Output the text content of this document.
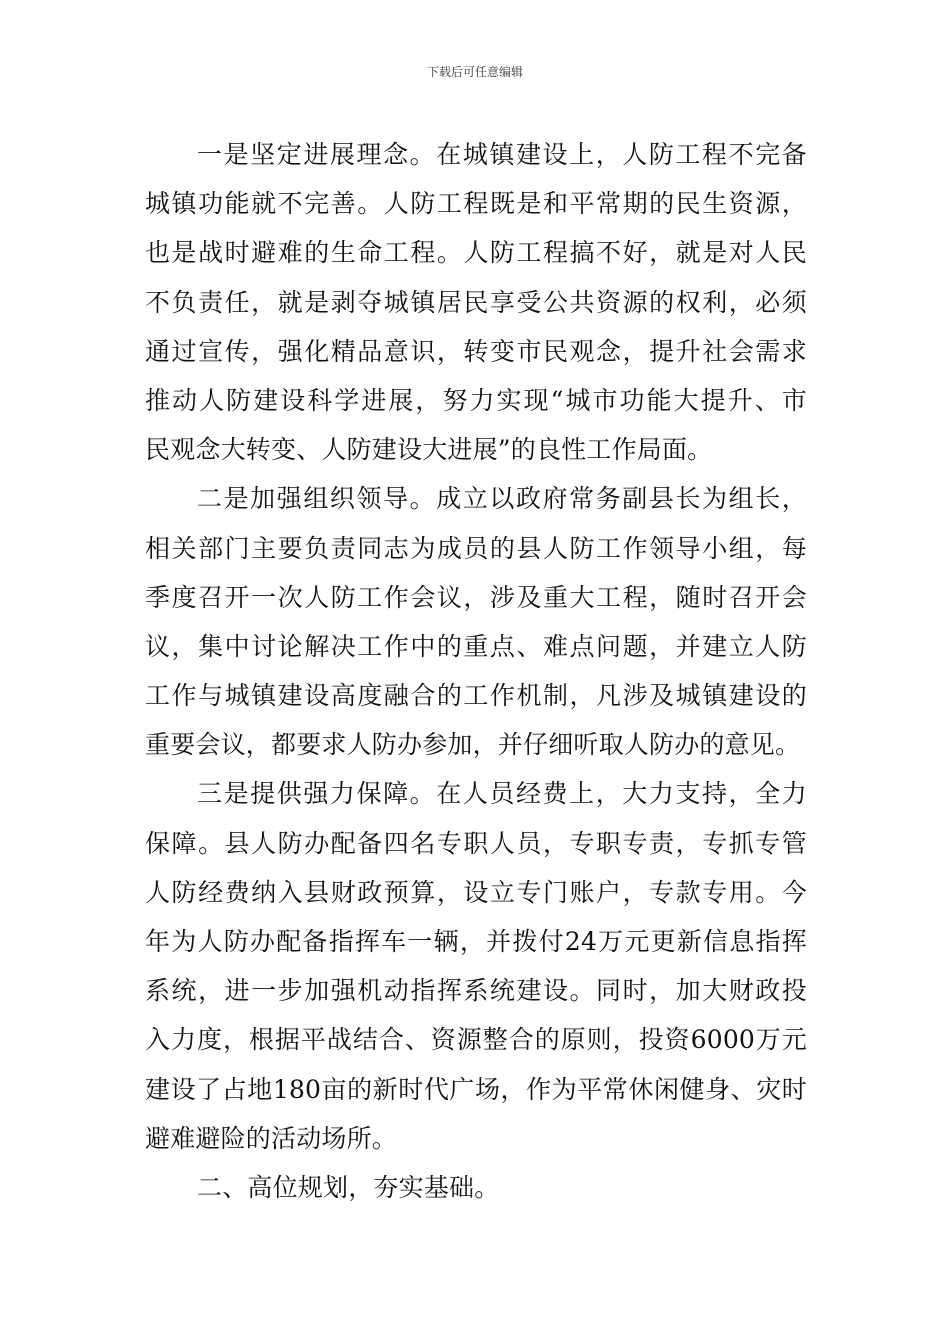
下载后可任意编辑
一是坚定进展理念。在城镇建设上，人防工程不完备
城镇功能就不完善。人防工程既是和平常期的民生资源，
也是战时避难的生命工程。人防工程搞不好，就是对人民
不负责任，就是剥夺城镇居民享受公共资源的权利，必须
通过宣传，强化精品意识，转变市民观念，提升社会需求
推动人防建设科学进展，努力实现“城市功能大提升、市
民观念大转变、人防建设大进展”的良性工作局面。
二是加强组织领导。成立以政府常务副县长为组长，
相关部门主要负责同志为成员的县人防工作领导小组，每
季度召开一次人防工作会议，涉及重大工程，随时召开会
议，集中讨论解决工作中的重点、难点问题，并建立人防
工作与城镇建设高度融合的工作机制，凡涉及城镇建设的
重要会议，都要求人防办参加，并仔细听取人防办的意见。
三是提供强力保障。在人员经费上，大力支持，全力
保障。县人防办配备四名专职人员，专职专责，专抓专管
人防经费纳入县财政预算，设立专门账户，专款专用。今
年为人防办配备指挥车一辆，并拨付24万元更新信息指挥
系统，进一步加强机动指挥系统建设。同时，加大财政投
入力度，根据平战结合、资源整合的原则，投资6000万元
建设了占地180亩的新时代广场，作为平常休闲健身、灾时
避难避险的活动场所。
二、高位规划，夯实基础。
